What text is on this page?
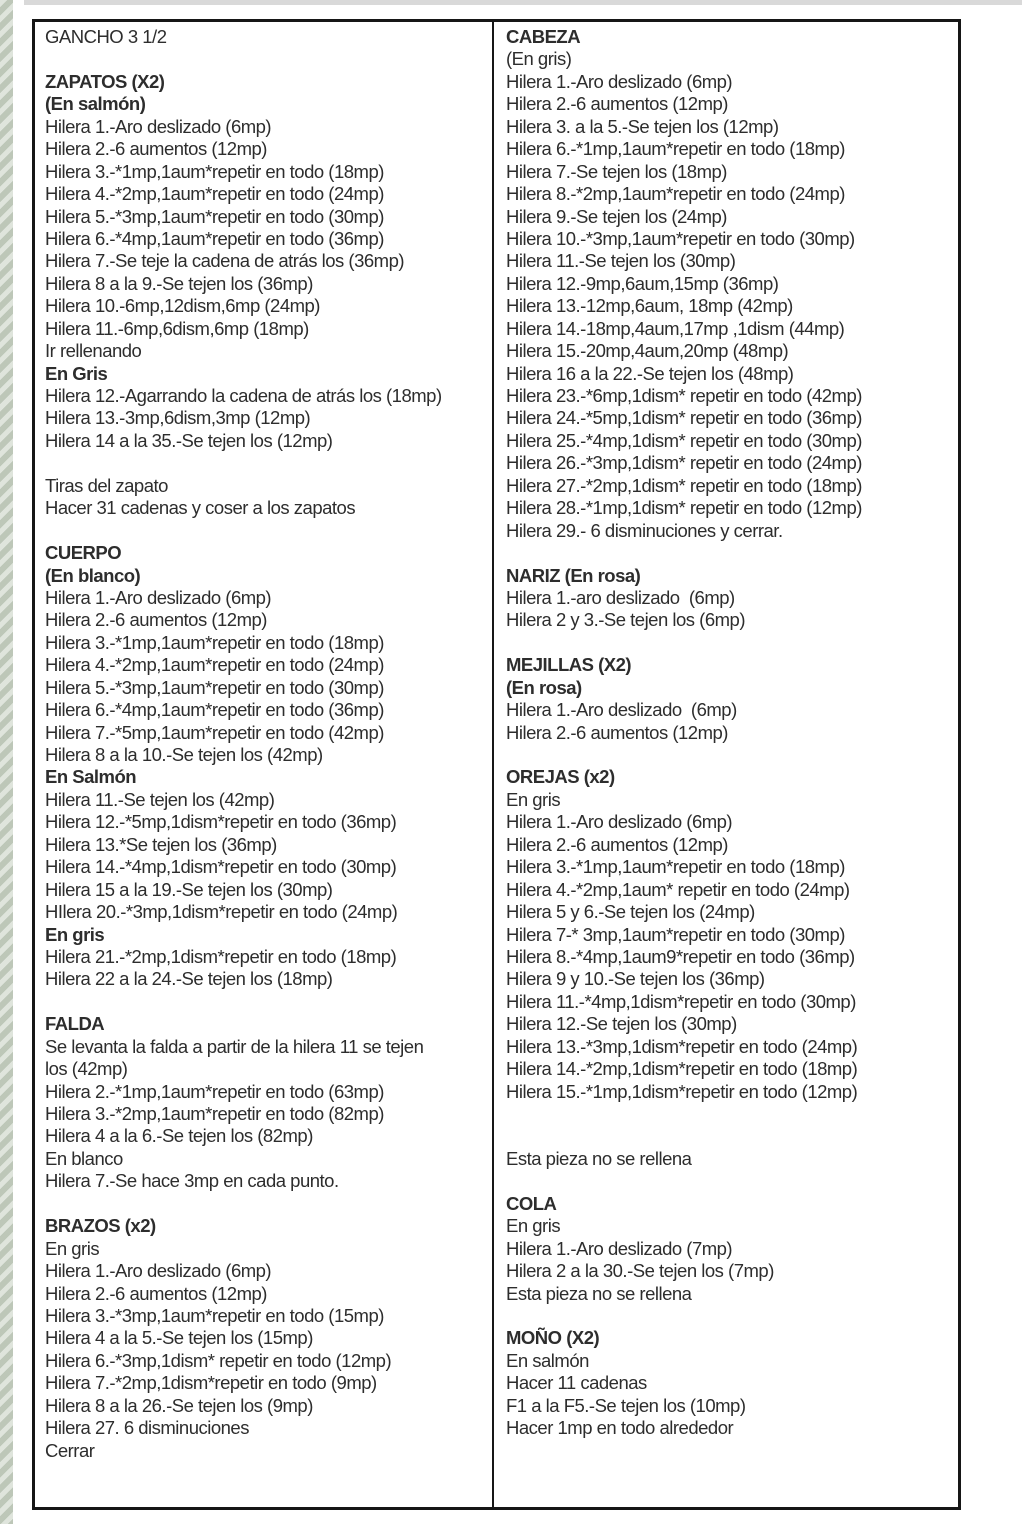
GANCHO 3 1/2

ZAPATOS (X2)
(En salmón)
Hilera 1.-Aro deslizado (6mp)
Hilera 2.-6 aumentos (12mp)
Hilera 3.-*1mp,1aum*repetir en todo (18mp)
Hilera 4.-*2mp,1aum*repetir en todo (24mp)
Hilera 5.-*3mp,1aum*repetir en todo (30mp)
Hilera 6.-*4mp,1aum*repetir en todo (36mp)
Hilera 7.-Se teje la cadena de atrás los (36mp)
Hilera 8 a la 9.-Se tejen los (36mp)
Hilera 10.-6mp,12dism,6mp (24mp)
Hilera 11.-6mp,6dism,6mp (18mp)
Ir rellenando
En Gris
Hilera 12.-Agarrando la cadena de atrás los (18mp)
Hilera 13.-3mp,6dism,3mp (12mp)
Hilera 14 a la 35.-Se tejen los (12mp)

Tiras del zapato
Hacer 31 cadenas y coser a los zapatos

CUERPO
(En blanco)
Hilera 1.-Aro deslizado (6mp)
Hilera 2.-6 aumentos (12mp)
Hilera 3.-*1mp,1aum*repetir en todo (18mp)
Hilera 4.-*2mp,1aum*repetir en todo (24mp)
Hilera 5.-*3mp,1aum*repetir en todo (30mp)
Hilera 6.-*4mp,1aum*repetir en todo (36mp)
Hilera 7.-*5mp,1aum*repetir en todo (42mp)
Hilera 8 a la 10.-Se tejen los (42mp)
En Salmón
Hilera 11.-Se tejen los (42mp)
Hilera 12.-*5mp,1dism*repetir en todo (36mp)
Hilera 13.*Se tejen los (36mp)
Hilera 14.-*4mp,1dism*repetir en todo (30mp)
Hilera 15 a la 19.-Se tejen los (30mp)
HIlera 20.-*3mp,1dism*repetir en todo (24mp)
En gris
Hilera 21.-*2mp,1dism*repetir en todo (18mp)
Hilera 22 a la 24.-Se tejen los (18mp)

FALDA
Se levanta la falda a partir de la hilera 11 se tejen
los (42mp)
Hilera 2.-*1mp,1aum*repetir en todo (63mp)
Hilera 3.-*2mp,1aum*repetir en todo (82mp)
Hilera 4 a la 6.-Se tejen los (82mp)
En blanco
Hilera 7.-Se hace 3mp en cada punto.

BRAZOS (x2)
En gris
Hilera 1.-Aro deslizado (6mp)
Hilera 2.-6 aumentos (12mp)
Hilera 3.-*3mp,1aum*repetir en todo (15mp)
Hilera 4 a la 5.-Se tejen los (15mp)
Hilera 6.-*3mp,1dism* repetir en todo (12mp)
Hilera 7.-*2mp,1dism*repetir en todo (9mp)
Hilera 8 a la 26.-Se tejen los (9mp)
Hilera 27. 6 disminuciones
Cerrar
CABEZA
(En gris)
Hilera 1.-Aro deslizado (6mp)
Hilera 2.-6 aumentos (12mp)
Hilera 3. a la 5.-Se tejen los (12mp)
Hilera 6.-*1mp,1aum*repetir en todo (18mp)
Hilera 7.-Se tejen los (18mp)
Hilera 8.-*2mp,1aum*repetir en todo (24mp)
Hilera 9.-Se tejen los (24mp)
Hilera 10.-*3mp,1aum*repetir en todo (30mp)
Hilera 11.-Se tejen los (30mp)
Hilera 12.-9mp,6aum,15mp (36mp)
Hilera 13.-12mp,6aum, 18mp (42mp)
Hilera 14.-18mp,4aum,17mp ,1dism (44mp)
Hilera 15.-20mp,4aum,20mp (48mp)
Hilera 16 a la 22.-Se tejen los (48mp)
Hilera 23.-*6mp,1dism* repetir en todo (42mp)
Hilera 24.-*5mp,1dism* repetir en todo (36mp)
Hilera 25.-*4mp,1dism* repetir en todo (30mp)
Hilera 26.-*3mp,1dism* repetir en todo (24mp)
Hilera 27.-*2mp,1dism* repetir en todo (18mp)
Hilera 28.-*1mp,1dism* repetir en todo (12mp)
Hilera 29.- 6 disminuciones y cerrar.

NARIZ (En rosa)
Hilera 1.-aro deslizado  (6mp)
Hilera 2 y 3.-Se tejen los (6mp)

MEJILLAS (X2)
(En rosa)
Hilera 1.-Aro deslizado  (6mp)
Hilera 2.-6 aumentos (12mp)

OREJAS (x2)
En gris
Hilera 1.-Aro deslizado (6mp)
Hilera 2.-6 aumentos (12mp)
Hilera 3.-*1mp,1aum*repetir en todo (18mp)
Hilera 4.-*2mp,1aum* repetir en todo (24mp)
Hilera 5 y 6.-Se tejen los (24mp)
Hilera 7-* 3mp,1aum*repetir en todo (30mp)
Hilera 8.-*4mp,1aum9*repetir en todo (36mp)
Hilera 9 y 10.-Se tejen los (36mp)
Hilera 11.-*4mp,1dism*repetir en todo (30mp)
Hilera 12.-Se tejen los (30mp)
Hilera 13.-*3mp,1dism*repetir en todo (24mp)
Hilera 14.-*2mp,1dism*repetir en todo (18mp)
Hilera 15.-*1mp,1dism*repetir en todo (12mp)

Esta pieza no se rellena

COLA
En gris
Hilera 1.-Aro deslizado (7mp)
Hilera 2 a la 30.-Se tejen los (7mp)
Esta pieza no se rellena

MOÑO (X2)
En salmón
Hacer 11 cadenas
F1 a la F5.-Se tejen los (10mp)
Hacer 1mp en todo alrededor
